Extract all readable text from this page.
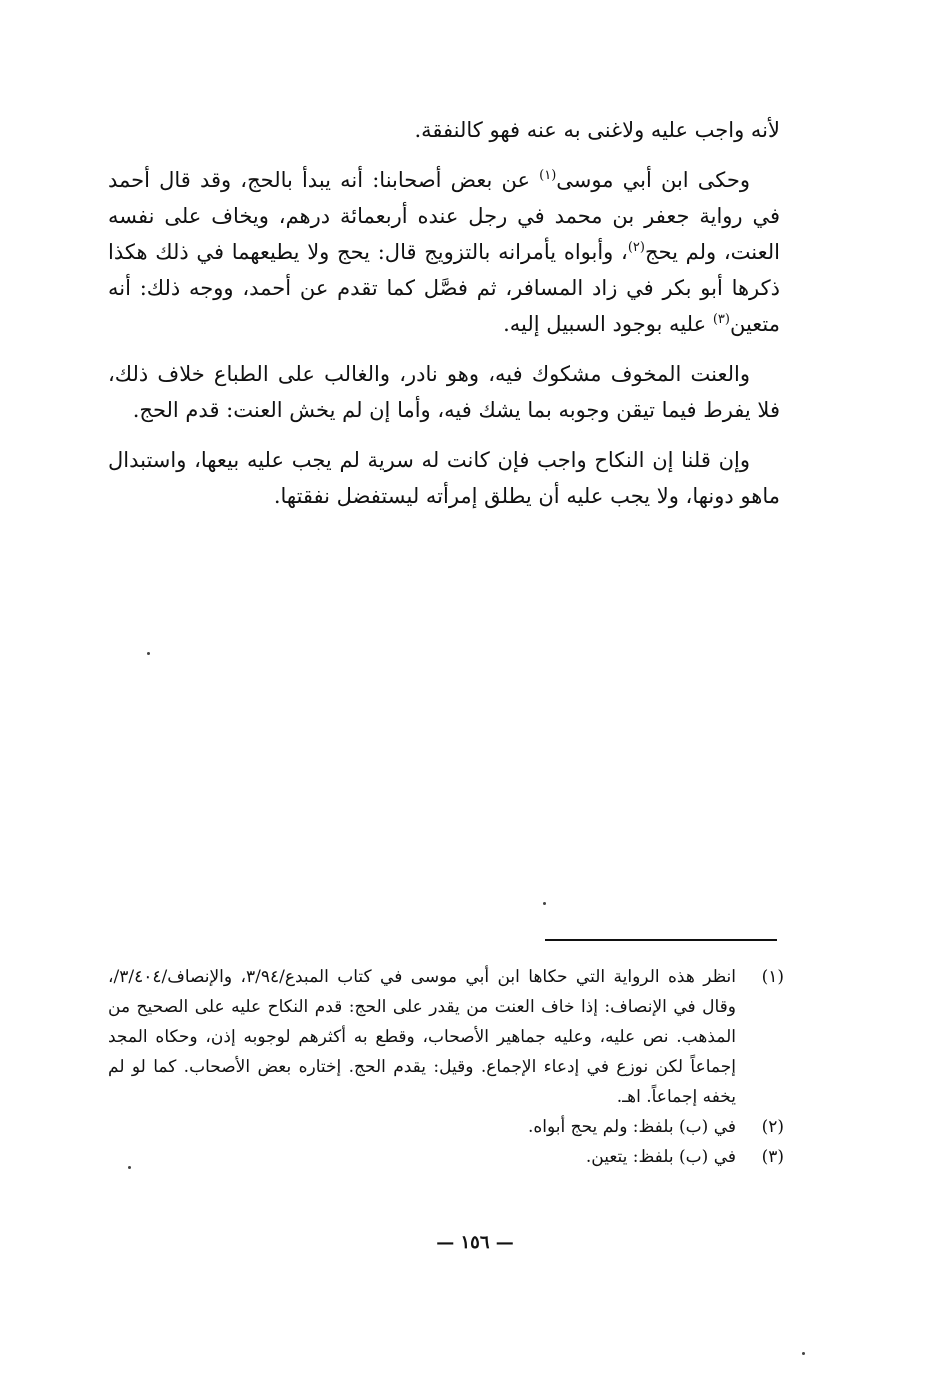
لأنه واجب عليه ولاغنى به عنه فهو كالنفقة.

وحكى ابن أبي موسى$^{(١)}$ عن بعض أصحابنا: أنه يبدأ بالحج، وقد قال أحمد في رواية جعفر بن محمد في رجل عنده أربعمائة درهم، ويخاف على نفسه العنت، ولم يحج$^{(٢)}$، وأبواه يأمرانه بالتزويج قال: يحج ولا يطيعهما في ذلك هكذا ذكرها أبو بكر في زاد المسافر، ثم فصَّل كما تقدم عن أحمد، ووجه ذلك: أنه متعين$^{(٣)}$ عليه بوجود السبيل إليه.

والعنت المخوف مشكوك فيه، وهو نادر، والغالب على الطباع خلاف ذلك، فلا يفرط فيما تيقن وجوبه بما يشك فيه، وأما إن لم يخش العنت: قدم الحج.

وإن قلنا إن النكاح واجب فإن كانت له سرية لم يجب عليه بيعها، واستبدال ماهو دونها، ولا يجب عليه أن يطلق إمرأته ليستفضل نفقتها.

(١)
انظر هذه الرواية التي حكاها ابن أبي موسى في كتاب المبدع/٣/٩٤، والإنصاف/٣/٤٠٤/، وقال في الإنصاف: إذا خاف العنت من يقدر على الحج: قدم النكاح عليه على الصحيح من المذهب. نص عليه، وعليه جماهير الأصحاب، وقطع به أكثرهم لوجوبه إذن، وحكاه المجد إجماعاً لكن نوزع في إدعاء الإجماع. وقيل: يقدم الحج. إختاره بعض الأصحاب. كما لو لم يخفه إجماعاً. اهـ.
(٢)
في (ب) بلفظ: ولم يحج أبواه.
(٣)
في (ب) بلفظ: يتعين.
— ١٥٦ —
